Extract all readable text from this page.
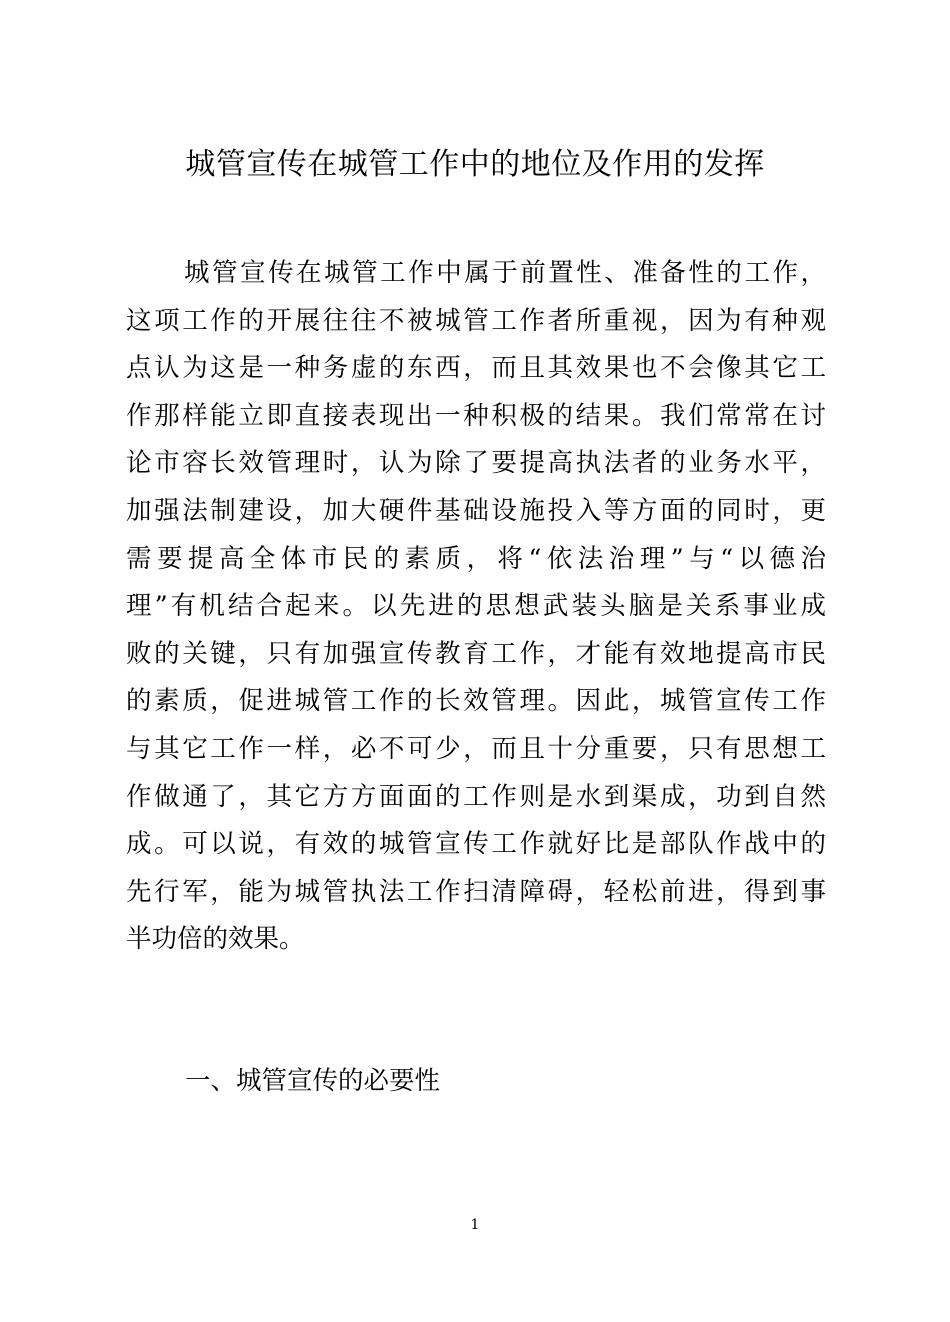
城管宣传在城管工作中的地位及作用的发挥
城管宣传在城管工作中属于前置性、准备性的工作，
这项工作的开展往往不被城管工作者所重视，因为有种观
点认为这是一种务虚的东西，而且其效果也不会像其它工
作那样能立即直接表现出一种积极的结果。我们常常在讨
论市容长效管理时，认为除了要提高执法者的业务水平，
加强法制建设，加大硬件基础设施投入等方面的同时，更
需要提高全体市民的素质，将“依法治理”与“以德治
理”有机结合起来。以先进的思想武装头脑是关系事业成
败的关键，只有加强宣传教育工作，才能有效地提高市民
的素质，促进城管工作的长效管理。因此，城管宣传工作
与其它工作一样，必不可少，而且十分重要，只有思想工
作做通了，其它方方面面的工作则是水到渠成，功到自然
成。可以说，有效的城管宣传工作就好比是部队作战中的
先行军，能为城管执法工作扫清障碍，轻松前进，得到事
半功倍的效果。
一、城管宣传的必要性
1
